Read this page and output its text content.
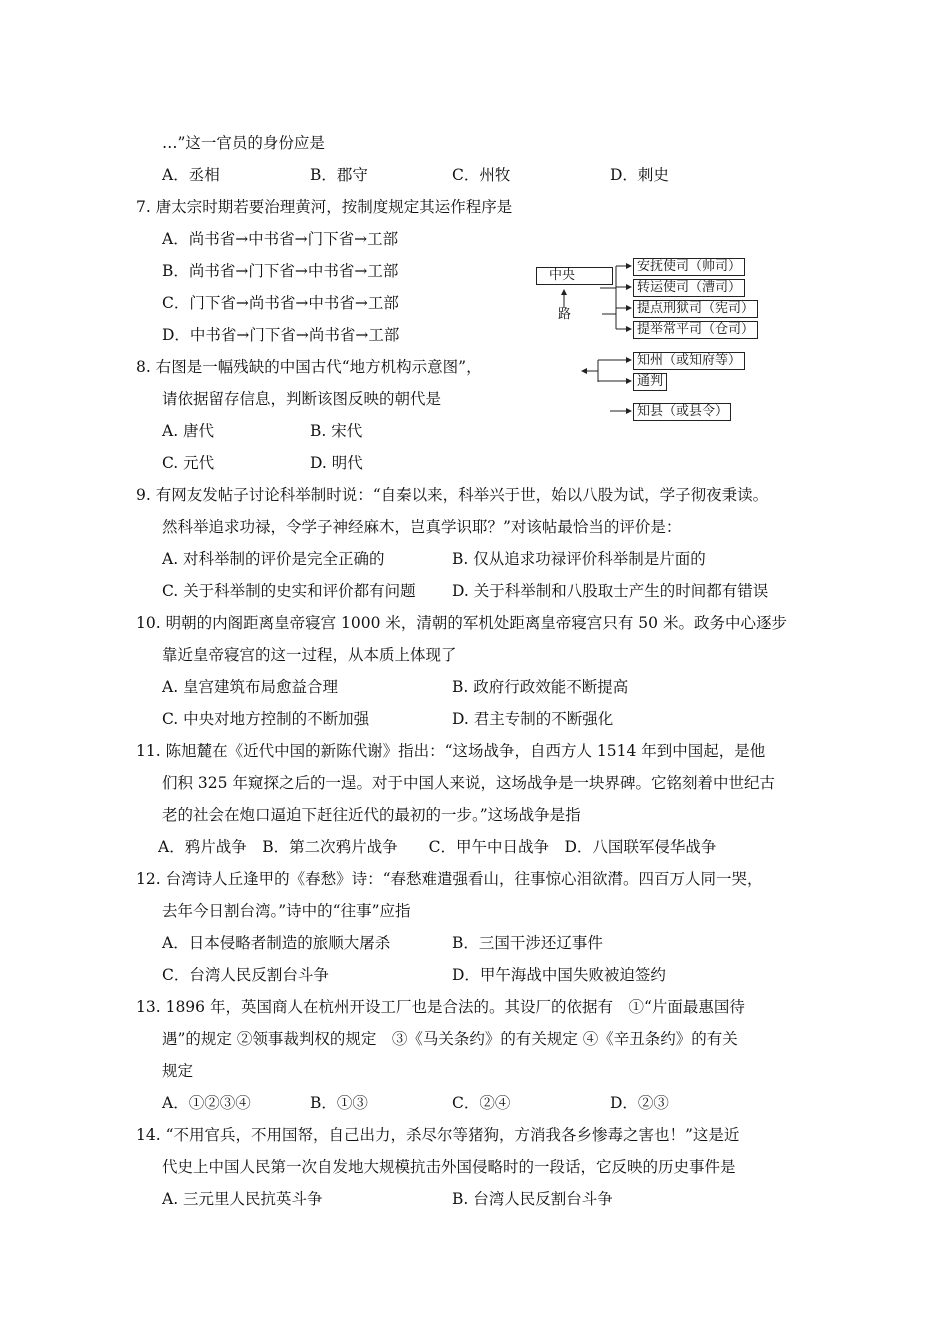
…”这一官员的身份应是
A．丞相	B．郡守	C．州牧	D．刺史
7. 唐太宗时期若要治理黄河，按制度规定其运作程序是
A．尚书省→中书省→门下省→工部
B．尚书省→门下省→中书省→工部
C．门下省→尚书省→中书省→工部
D．中书省→门下省→尚书省→工部
8. 右图是一幅残缺的中国古代“地方机构示意图”，
请依据留存信息，判断该图反映的朝代是
A. 唐代	B. 宋代
C. 元代	D. 明代
中央
路
安抚使司（帅司）
转运使司（漕司）
提点刑狱司（宪司）
提举常平司（仓司）
知州（或知府等）
通判
知县（或县令）
9. 有网友发帖子讨论科举制时说：“自秦以来，科举兴于世，始以八股为试，学子彻夜秉读。
然科举追求功禄，令学子神经麻木，岂真学识耶？”对该帖最恰当的评价是：
A. 对科举制的评价是完全正确的	B. 仅从追求功禄评价科举制是片面的
C. 关于科举制的史实和评价都有问题 D. 关于科举制和八股取士产生的时间都有错误
10. 明朝的内阁距离皇帝寝宫 1000 米，清朝的军机处距离皇帝寝宫只有 50 米。政务中心逐步
靠近皇帝寝宫的这一过程，从本质上体现了
A. 皇宫建筑布局愈益合理	B. 政府行政效能不断提高
C. 中央对地方控制的不断加强	D. 君主专制的不断强化
11. 陈旭麓在《近代中国的新陈代谢》指出：“这场战争，自西方人 1514 年到中国起，是他
们积 325 年窥探之后的一逞。对于中国人来说，这场战争是一块界碑。它铭刻着中世纪古
老的社会在炮口逼迫下赶往近代的最初的一步。”这场战争是指
A．鸦片战争　B．第二次鸦片战争　　C．甲午中日战争　D．八国联军侵华战争
12. 台湾诗人丘逢甲的《春愁》诗：“春愁难遣强看山，往事惊心泪欲潸。四百万人同一哭，
去年今日割台湾。”诗中的“往事”应指
A．日本侵略者制造的旅顺大屠杀	B．三国干涉还辽事件
C．台湾人民反割台斗争	D．甲午海战中国失败被迫签约
13. 1896 年，英国商人在杭州开设工厂也是合法的。其设厂的依据有　①“片面最惠国待
遇”的规定 ②领事裁判权的规定　③《马关条约》的有关规定 ④《辛丑条约》的有关
规定
A．①②③④	B．①③	C．②④	D．②③
14. “不用官兵，不用国帑，自己出力，杀尽尔等猪狗，方消我各乡惨毒之害也！”这是近
代史上中国人民第一次自发地大规模抗击外国侵略时的一段话，它反映的历史事件是
A. 三元里人民抗英斗争	B. 台湾人民反割台斗争
